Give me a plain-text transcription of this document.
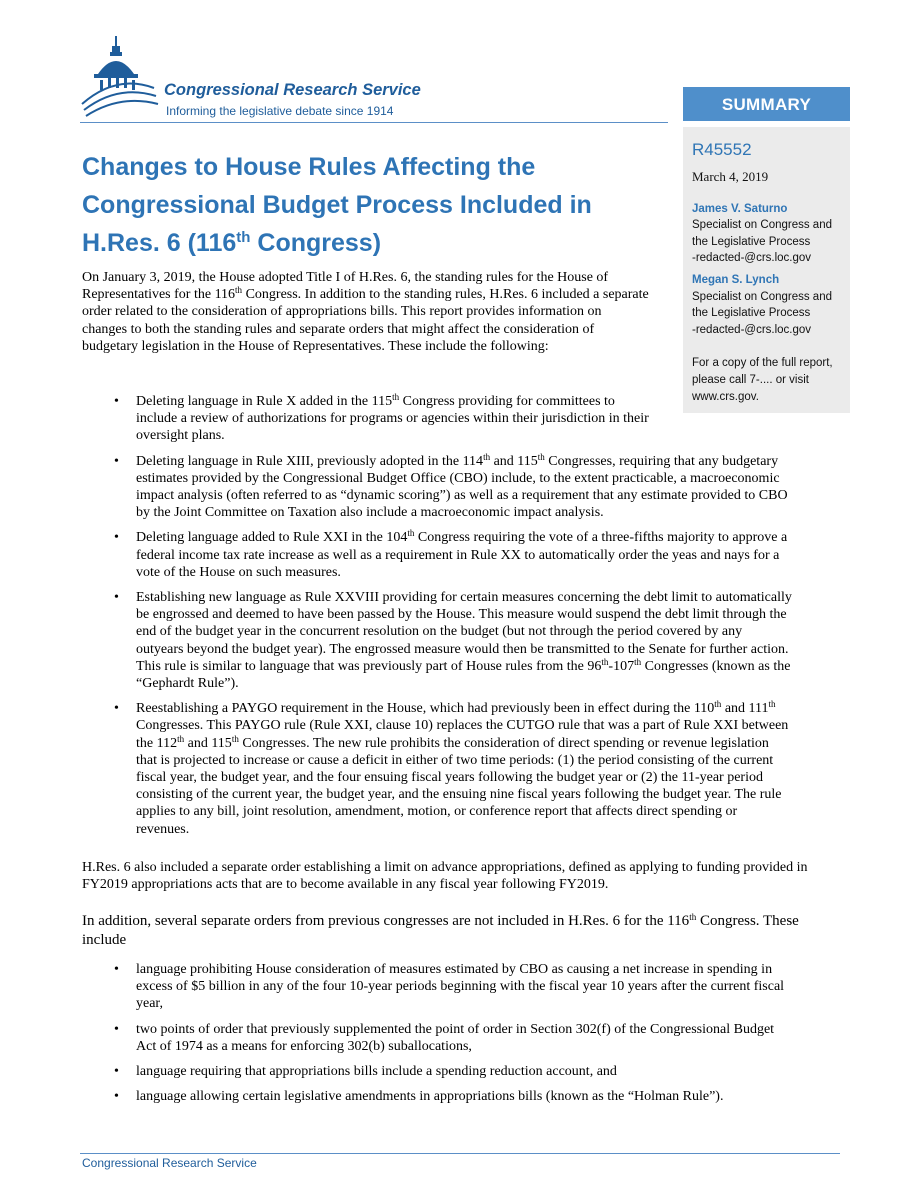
Congressional Research Service
Informing the legislative debate since 1914	SUMMARY
R45552
March 4, 2019
James V. Saturno
Specialist on Congress and the Legislative Process
-redacted-@crs.loc.gov
Megan S. Lynch
Specialist on Congress and the Legislative Process
-redacted-@crs.loc.gov
For a copy of the full report, please call 7-.... or visit www.crs.gov.
Changes to House Rules Affecting the
Congressional Budget Process Included in
H.Res. 6 (116th Congress)

On January 3, 2019, the House adopted Title I of H.Res. 6, the standing rules for the House of Representatives for the 116th Congress. In addition to the standing rules, H.Res. 6 included a separate order related to the consideration of appropriations bills. This report provides information on changes to both the standing rules and separate orders that might affect the consideration of budgetary legislation in the House of Representatives. These include the following:

• Deleting language in Rule X added in the 115th Congress providing for committees to include a review of authorizations for programs or agencies within their jurisdiction in their oversight plans.
• Deleting language in Rule XIII, previously adopted in the 114th and 115th Congresses, requiring that any budgetary estimates provided by the Congressional Budget Office (CBO) include, to the extent practicable, a macroeconomic impact analysis (often referred to as “dynamic scoring”) as well as a requirement that any estimate provided to CBO by the Joint Committee on Taxation also include a macroeconomic impact analysis.
• Deleting language added to Rule XXI in the 104th Congress requiring the vote of a three-fifths majority to approve a federal income tax rate increase as well as a requirement in Rule XX to automatically order the yeas and nays for a vote of the House on such measures.
• Establishing new language as Rule XXVIII providing for certain measures concerning the debt limit to automatically be engrossed and deemed to have been passed by the House. This measure would suspend the debt limit through the end of the budget year in the concurrent resolution on the budget (but not through the period covered by any outyears beyond the budget year). The engrossed measure would then be transmitted to the Senate for further action. This rule is similar to language that was previously part of House rules from the 96th-107th Congresses (known as the “Gephardt Rule”).
• Reestablishing a PAYGO requirement in the House, which had previously been in effect during the 110th and 111th Congresses. This PAYGO rule (Rule XXI, clause 10) replaces the CUTGO rule that was a part of Rule XXI between the 112th and 115th Congresses. The new rule prohibits the consideration of direct spending or revenue legislation that is projected to increase or cause a deficit in either of two time periods: (1) the period consisting of the current fiscal year, the budget year, and the four ensuing fiscal years following the budget year or (2) the 11-year period consisting of the current year, the budget year, and the ensuing nine fiscal years following the budget year. The rule applies to any bill, joint resolution, amendment, motion, or conference report that affects direct spending or revenues.

H.Res. 6 also included a separate order establishing a limit on advance appropriations, defined as applying to funding provided in FY2019 appropriations acts that are to become available in any fiscal year following FY2019.

In addition, several separate orders from previous congresses are not included in H.Res. 6 for the 116th Congress. These include

• language prohibiting House consideration of measures estimated by CBO as causing a net increase in spending in excess of $5 billion in any of the four 10-year periods beginning with the fiscal year 10 years after the current fiscal year,
• two points of order that previously supplemented the point of order in Section 302(f) of the Congressional Budget Act of 1974 as a means for enforcing 302(b) suballocations,
• language requiring that appropriations bills include a spending reduction account, and
• language allowing certain legislative amendments in appropriations bills (known as the “Holman Rule”).
Congressional Research Service
